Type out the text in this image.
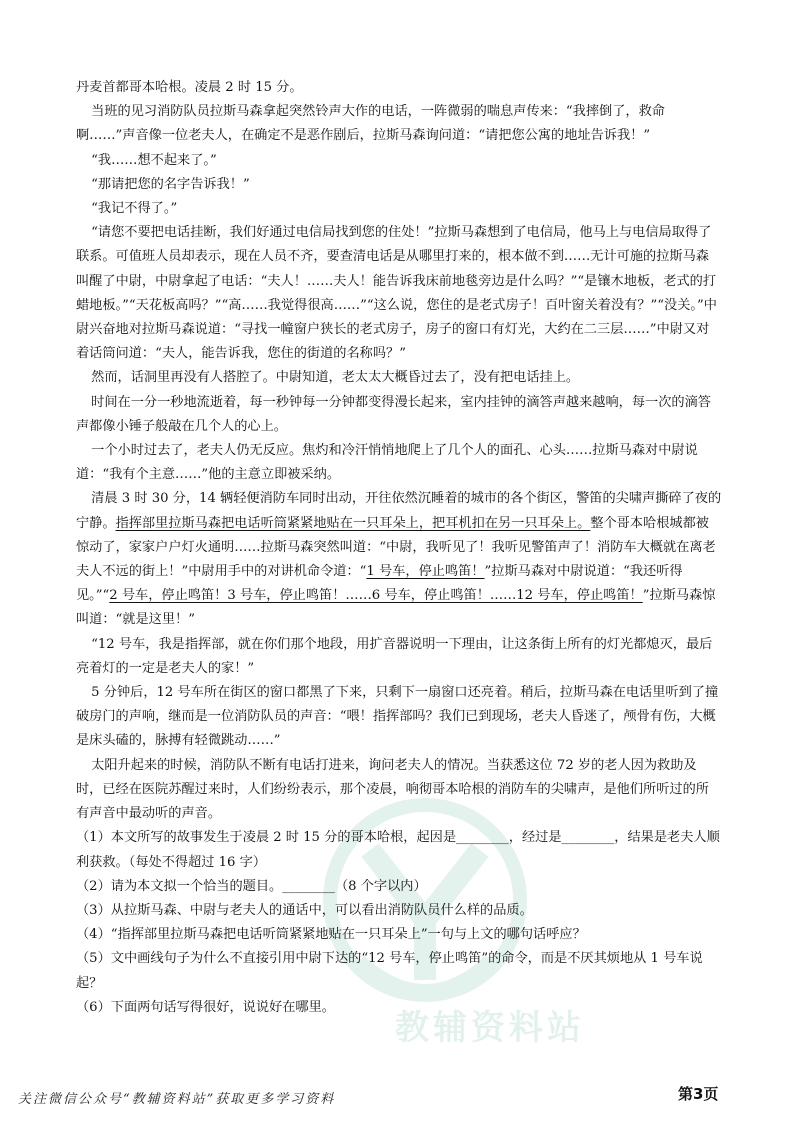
教辅资料站

丹麦首都哥本哈根。凌晨 2 时 15 分。

当班的见习消防队员拉斯马森拿起突然铃声大作的电话，一阵微弱的喘息声传来：“我摔倒了，救命啊……”声音像一位老夫人，在确定不是恶作剧后，拉斯马森询问道：“请把您公寓的地址告诉我！”

“我……想不起来了。”

“那请把您的名字告诉我！”

“我记不得了。”

“请您不要把电话挂断，我们好通过电信局找到您的住处！”拉斯马森想到了电信局，他马上与电信局取得了联系。可值班人员却表示，现在人员不齐，要查清电话是从哪里打来的，根本做不到……无计可施的拉斯马森叫醒了中尉，中尉拿起了电话：“夫人！……夫人！能告诉我床前地毯旁边是什么吗？”“是镶木地板，老式的打蜡地板。”“天花板高吗？”“高……我觉得很高……”“这么说，您住的是老式房子！百叶窗关着没有？”“没关。”中尉兴奋地对拉斯马森说道：“寻找一幢窗户狭长的老式房子，房子的窗口有灯光，大约在二三层……”中尉又对着话筒问道：“夫人，能告诉我，您住的街道的名称吗？”

然而，话洞里再没有人搭腔了。中尉知道，老太太大概昏过去了，没有把电话挂上。

时间在一分一秒地流逝着，每一秒钟每一分钟都变得漫长起来，室内挂钟的滴答声越来越响，每一次的滴答声都像小锤子般敲在几个人的心上。

一个小时过去了，老夫人仍无反应。焦灼和冷汗悄悄地爬上了几个人的面孔、心头……拉斯马森对中尉说道：“我有个主意……”他的主意立即被采纳。

清晨 3 时 30 分，14 辆轻便消防车同时出动，开往依然沉睡着的城市的各个街区，警笛的尖啸声撕碎了夜的宁静。指挥部里拉斯马森把电话听筒紧紧地贴在一只耳朵上，把耳机扣在另一只耳朵上。整个哥本哈根城都被惊动了，家家户户灯火通明……拉斯马森突然叫道：“中尉，我听见了！我听见警笛声了！消防车大概就在离老夫人不远的街上！”中尉用手中的对讲机命令道：“1 号车，停止鸣笛！”拉斯马森对中尉说道：“我还听得见。”“2 号车，停止鸣笛！3 号车，停止鸣笛！……6 号车，停止鸣笛！……12 号车，停止鸣笛！”拉斯马森惊叫道：“就是这里！”

“12 号车，我是指挥部，就在你们那个地段，用扩音器说明一下理由，让这条街上所有的灯光都熄灭，最后亮着灯的一定是老夫人的家！”

5 分钟后，12 号车所在街区的窗口都黑了下来，只剩下一扇窗口还亮着。稍后，拉斯马森在电话里听到了撞破房门的声响，继而是一位消防队员的声音：“喂！指挥部吗？我们已到现场，老夫人昏迷了，颅骨有伤，大概是床头磕的，脉搏有轻微跳动……”

太阳升起来的时候，消防队不断有电话打进来，询问老夫人的情况。当获悉这位 72 岁的老人因为救助及时，已经在医院苏醒过来时，人们纷纷表示，那个凌晨，响彻哥本哈根的消防车的尖啸声，是他们所听过的所有声音中最动听的声音。

（1）本文所写的故事发生于凌晨 2 时 15 分的哥本哈根，起因是________，经过是________，结果是老夫人顺利获救。（每处不得超过 16 字）

（2）请为本文拟一个恰当的题目。________（8 个字以内）

（3）从拉斯马森、中尉与老夫人的通话中，可以看出消防队员什么样的品质。

（4）“指挥部里拉斯马森把电话听筒紧紧地贴在一只耳朵上”一句与上文的哪句话呼应？

（5）文中画线句子为什么不直接引用中尉下达的“12 号车，停止鸣笛”的命令，而是不厌其烦地从 1 号车说起？

（6）下面两句话写得很好，说说好在哪里。

关注微信公众号“教辅资料站”获取更多学习资料	第3页
